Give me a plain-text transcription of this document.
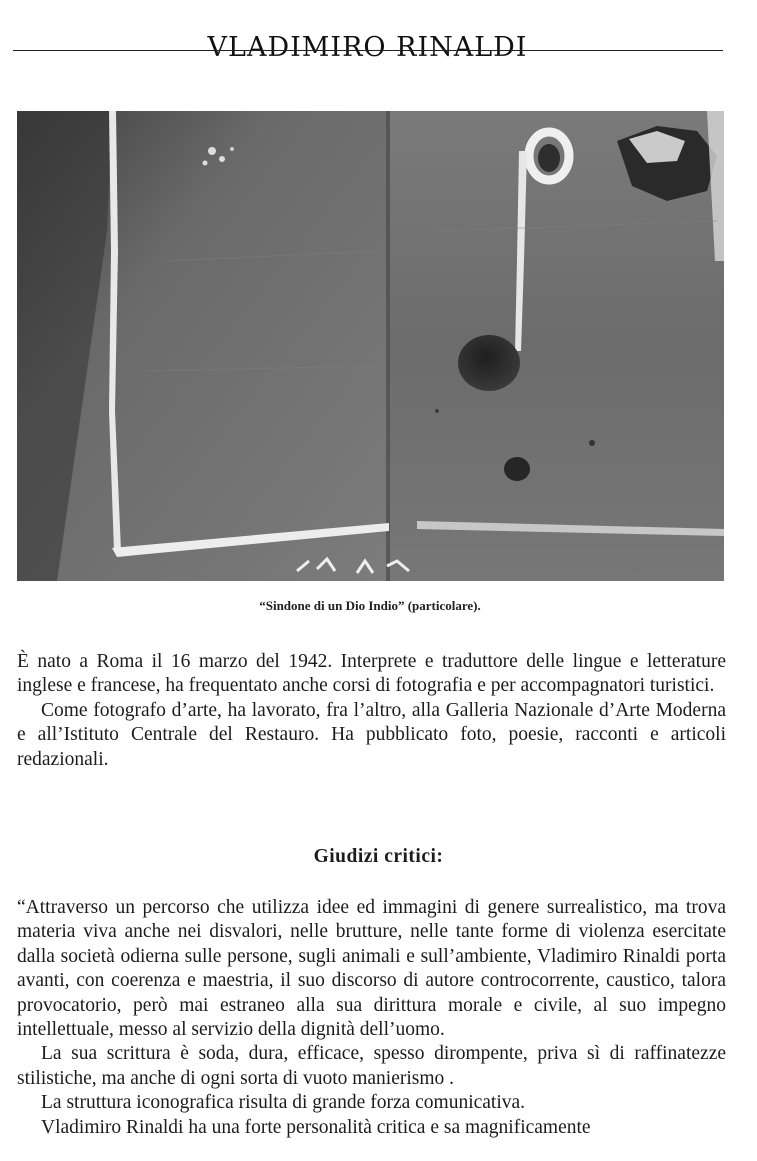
VLADIMIRO RINALDI
“Sindone di un Dio Indio” (particolare).

È nato a Roma il 16 marzo del 1942. Interprete e traduttore delle lingue e letterature inglese e francese, ha frequentato anche corsi di fotografia e per accompagnatori turistici.

Come fotografo d’arte, ha lavorato, fra l’altro, alla Galleria Nazionale d’Arte Moderna e all’Istituto Centrale del Restauro. Ha pubblicato foto, poesie, racconti e articoli redazionali.

Giudizi critici:

“Attraverso un percorso che utilizza idee ed immagini di genere surrealistico, ma trova materia viva anche nei disvalori, nelle brutture, nelle tante forme di violenza esercitate dalla società odierna sulle persone, sugli animali e sull’ambiente, Vladimiro Rinaldi porta avanti, con coerenza e maestria, il suo discorso di autore controcorrente, caustico, talora provocatorio, però mai estraneo alla sua dirittura morale e civile, al suo impegno intellettuale, messo al servizio della dignità dell’uomo.

La sua scrittura è soda, dura, efficace, spesso dirompente, priva sì di raffinatezze stilistiche, ma anche di ogni sorta di vuoto manierismo .

La struttura iconografica risulta di grande forza comunicativa.

Vladimiro Rinaldi ha una forte personalità critica e sa magnificamente
